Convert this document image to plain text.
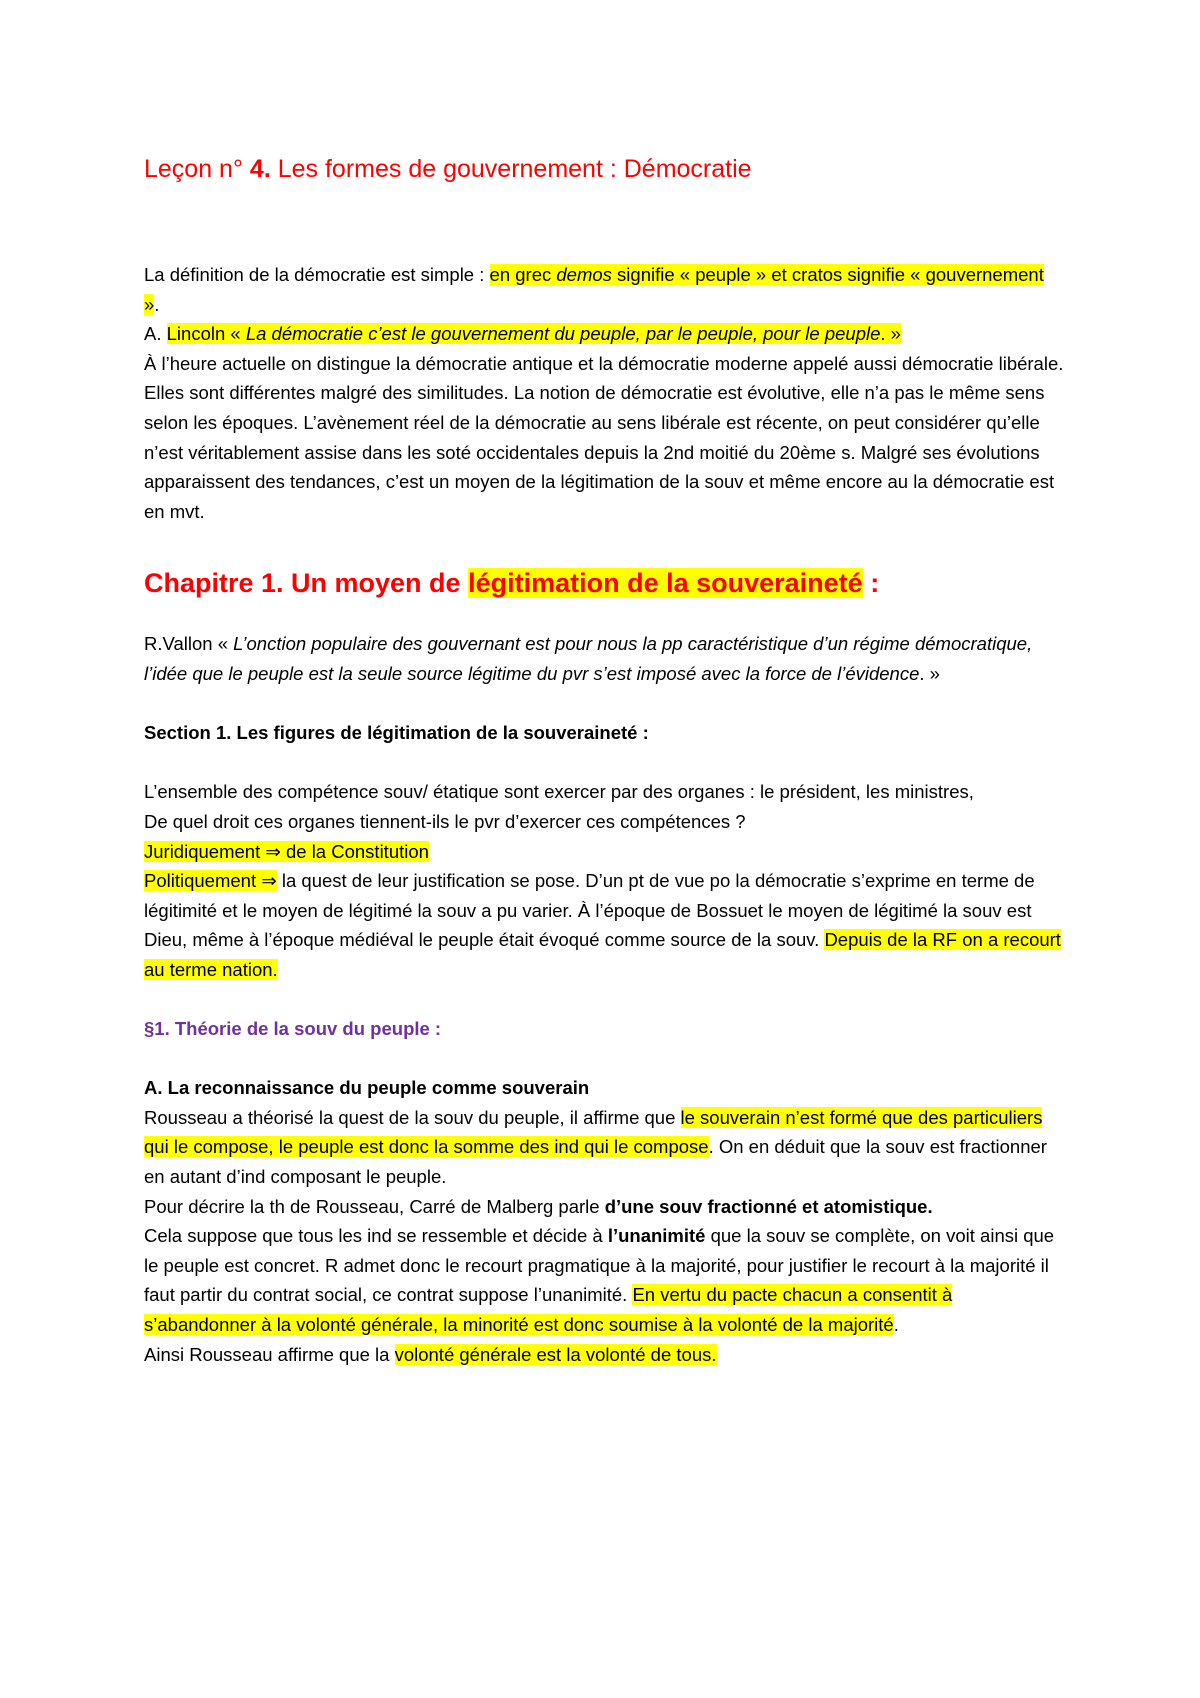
Leçon n° 4. Les formes de gouvernement : Démocratie

La définition de la démocratie est simple : en grec demos signifie « peuple » et cratos signifie « gouvernement ».

A. Lincoln « La démocratie c’est le gouvernement du peuple, par le peuple, pour le peuple. »

À l’heure actuelle on distingue la démocratie antique et la démocratie moderne appelé aussi démocratie libérale. Elles sont différentes malgré des similitudes. La notion de démocratie est évolutive, elle n’a pas le même sens selon les époques. L’avènement réel de la démocratie au sens libérale est récente, on peut considérer qu’elle n’est véritablement assise dans les soté occidentales depuis la 2nd moitié du 20ème s. Malgré ses évolutions apparaissent des tendances, c’est un moyen de la légitimation de la souv et même encore au la démocratie est en mvt.

Chapitre 1. Un moyen de légitimation de la souveraineté :

R.Vallon « L’onction populaire des gouvernant est pour nous la pp caractéristique d’un régime démocratique, l’idée que le peuple est la seule source légitime du pvr s’est imposé avec la force de l’évidence. »

Section 1. Les figures de légitimation de la souveraineté :

L’ensemble des compétence souv/ étatique sont exercer par des organes : le président, les ministres,

De quel droit ces organes tiennent-ils le pvr d’exercer ces compétences ?

Juridiquement ⇒ de la Constitution

Politiquement ⇒ la quest de leur justification se pose. D’un pt de vue po la démocratie s’exprime en terme de légitimité et le moyen de légitimé la souv a pu varier. À l’époque de Bossuet le moyen de légitimé la souv est Dieu, même à l’époque médiéval le peuple était évoqué comme source de la souv. Depuis de la RF on a recourt au terme nation.

§1. Théorie de la souv du peuple :

A. La reconnaissance du peuple comme souverain

Rousseau a théorisé la quest de la souv du peuple, il affirme que le souverain n’est formé que des particuliers qui le compose, le peuple est donc la somme des ind qui le compose. On en déduit que la souv est fractionner en autant d’ind composant le peuple.

Pour décrire la th de Rousseau, Carré de Malberg parle d’une souv fractionné et atomistique.

Cela suppose que tous les ind se ressemble et décide à l’unanimité que la souv se complète, on voit ainsi que le peuple est concret. R admet donc le recourt pragmatique à la majorité, pour justifier le recourt à la majorité il faut partir du contrat social, ce contrat suppose l’unanimité. En vertu du pacte chacun a consentit à s’abandonner à la volonté générale, la minorité est donc soumise à la volonté de la majorité.

Ainsi Rousseau affirme que la volonté générale est la volonté de tous.
